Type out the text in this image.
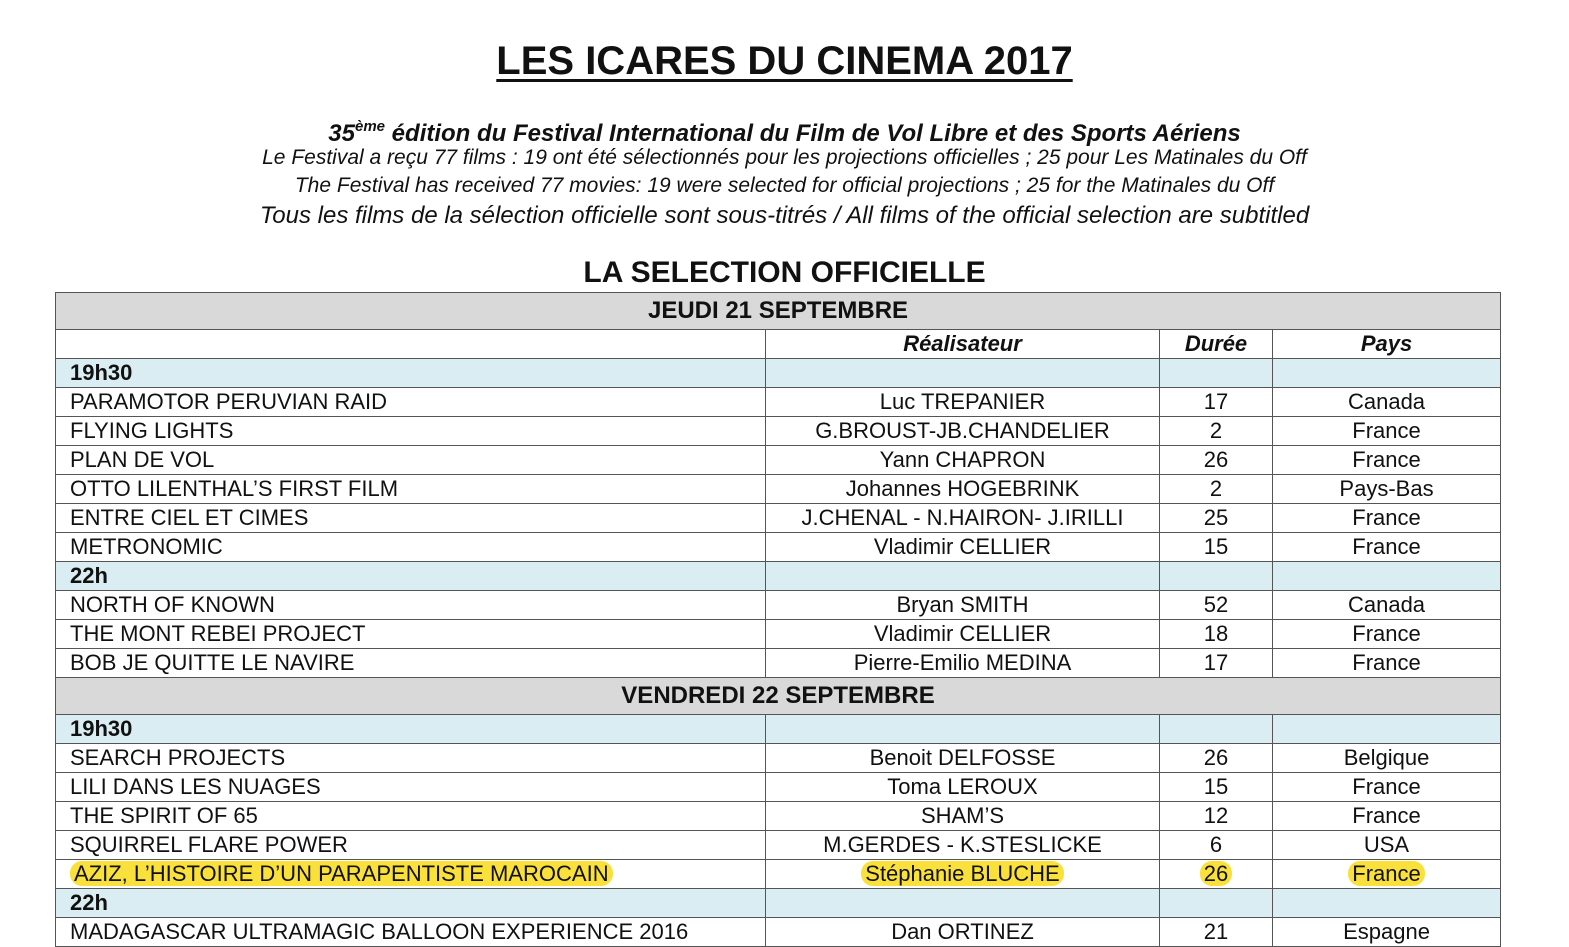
LES ICARES DU CINEMA 2017
35ème édition du Festival International du Film de Vol Libre et des Sports Aériens
Le Festival a reçu 77 films : 19 ont été sélectionnés pour les projections officielles ; 25 pour Les Matinales du Off
The Festival has received 77 movies: 19 were selected for official projections ; 25 for the Matinales du Off
Tous les films de la sélection officielle sont sous-titrés / All films of the official selection are subtitled
LA SELECTION OFFICIELLE
JEUDI 21 SEPTEMBRE			
	Réalisateur	Durée	Pays
19h30			
PARAMOTOR PERUVIAN RAID	Luc TREPANIER	17	Canada
FLYING LIGHTS	G.BROUST-JB.CHANDELIER	2	France
PLAN DE VOL	Yann CHAPRON	26	France
OTTO LILENTHAL’S FIRST FILM	Johannes HOGEBRINK	2	Pays-Bas
ENTRE CIEL ET CIMES	J.CHENAL - N.HAIRON- J.IRILLI	25	France
METRONOMIC	Vladimir CELLIER	15	France
22h			
NORTH OF KNOWN	Bryan SMITH	52	Canada
THE MONT REBEI PROJECT	Vladimir CELLIER	18	France
BOB JE QUITTE LE NAVIRE	Pierre-Emilio MEDINA	17	France
VENDREDI 22 SEPTEMBRE			
19h30			
SEARCH PROJECTS	Benoit DELFOSSE	26	Belgique
LILI DANS LES NUAGES	Toma LEROUX	15	France
THE SPIRIT OF 65	SHAM’S	12	France
SQUIRREL FLARE POWER	M.GERDES - K.STESLICKE	6	USA
AZIZ, L’HISTOIRE D’UN PARAPENTISTE MAROCAIN	Stéphanie BLUCHE	26	France
22h			
MADAGASCAR ULTRAMAGIC BALLOON EXPERIENCE 2016	Dan ORTINEZ	21	Espagne
